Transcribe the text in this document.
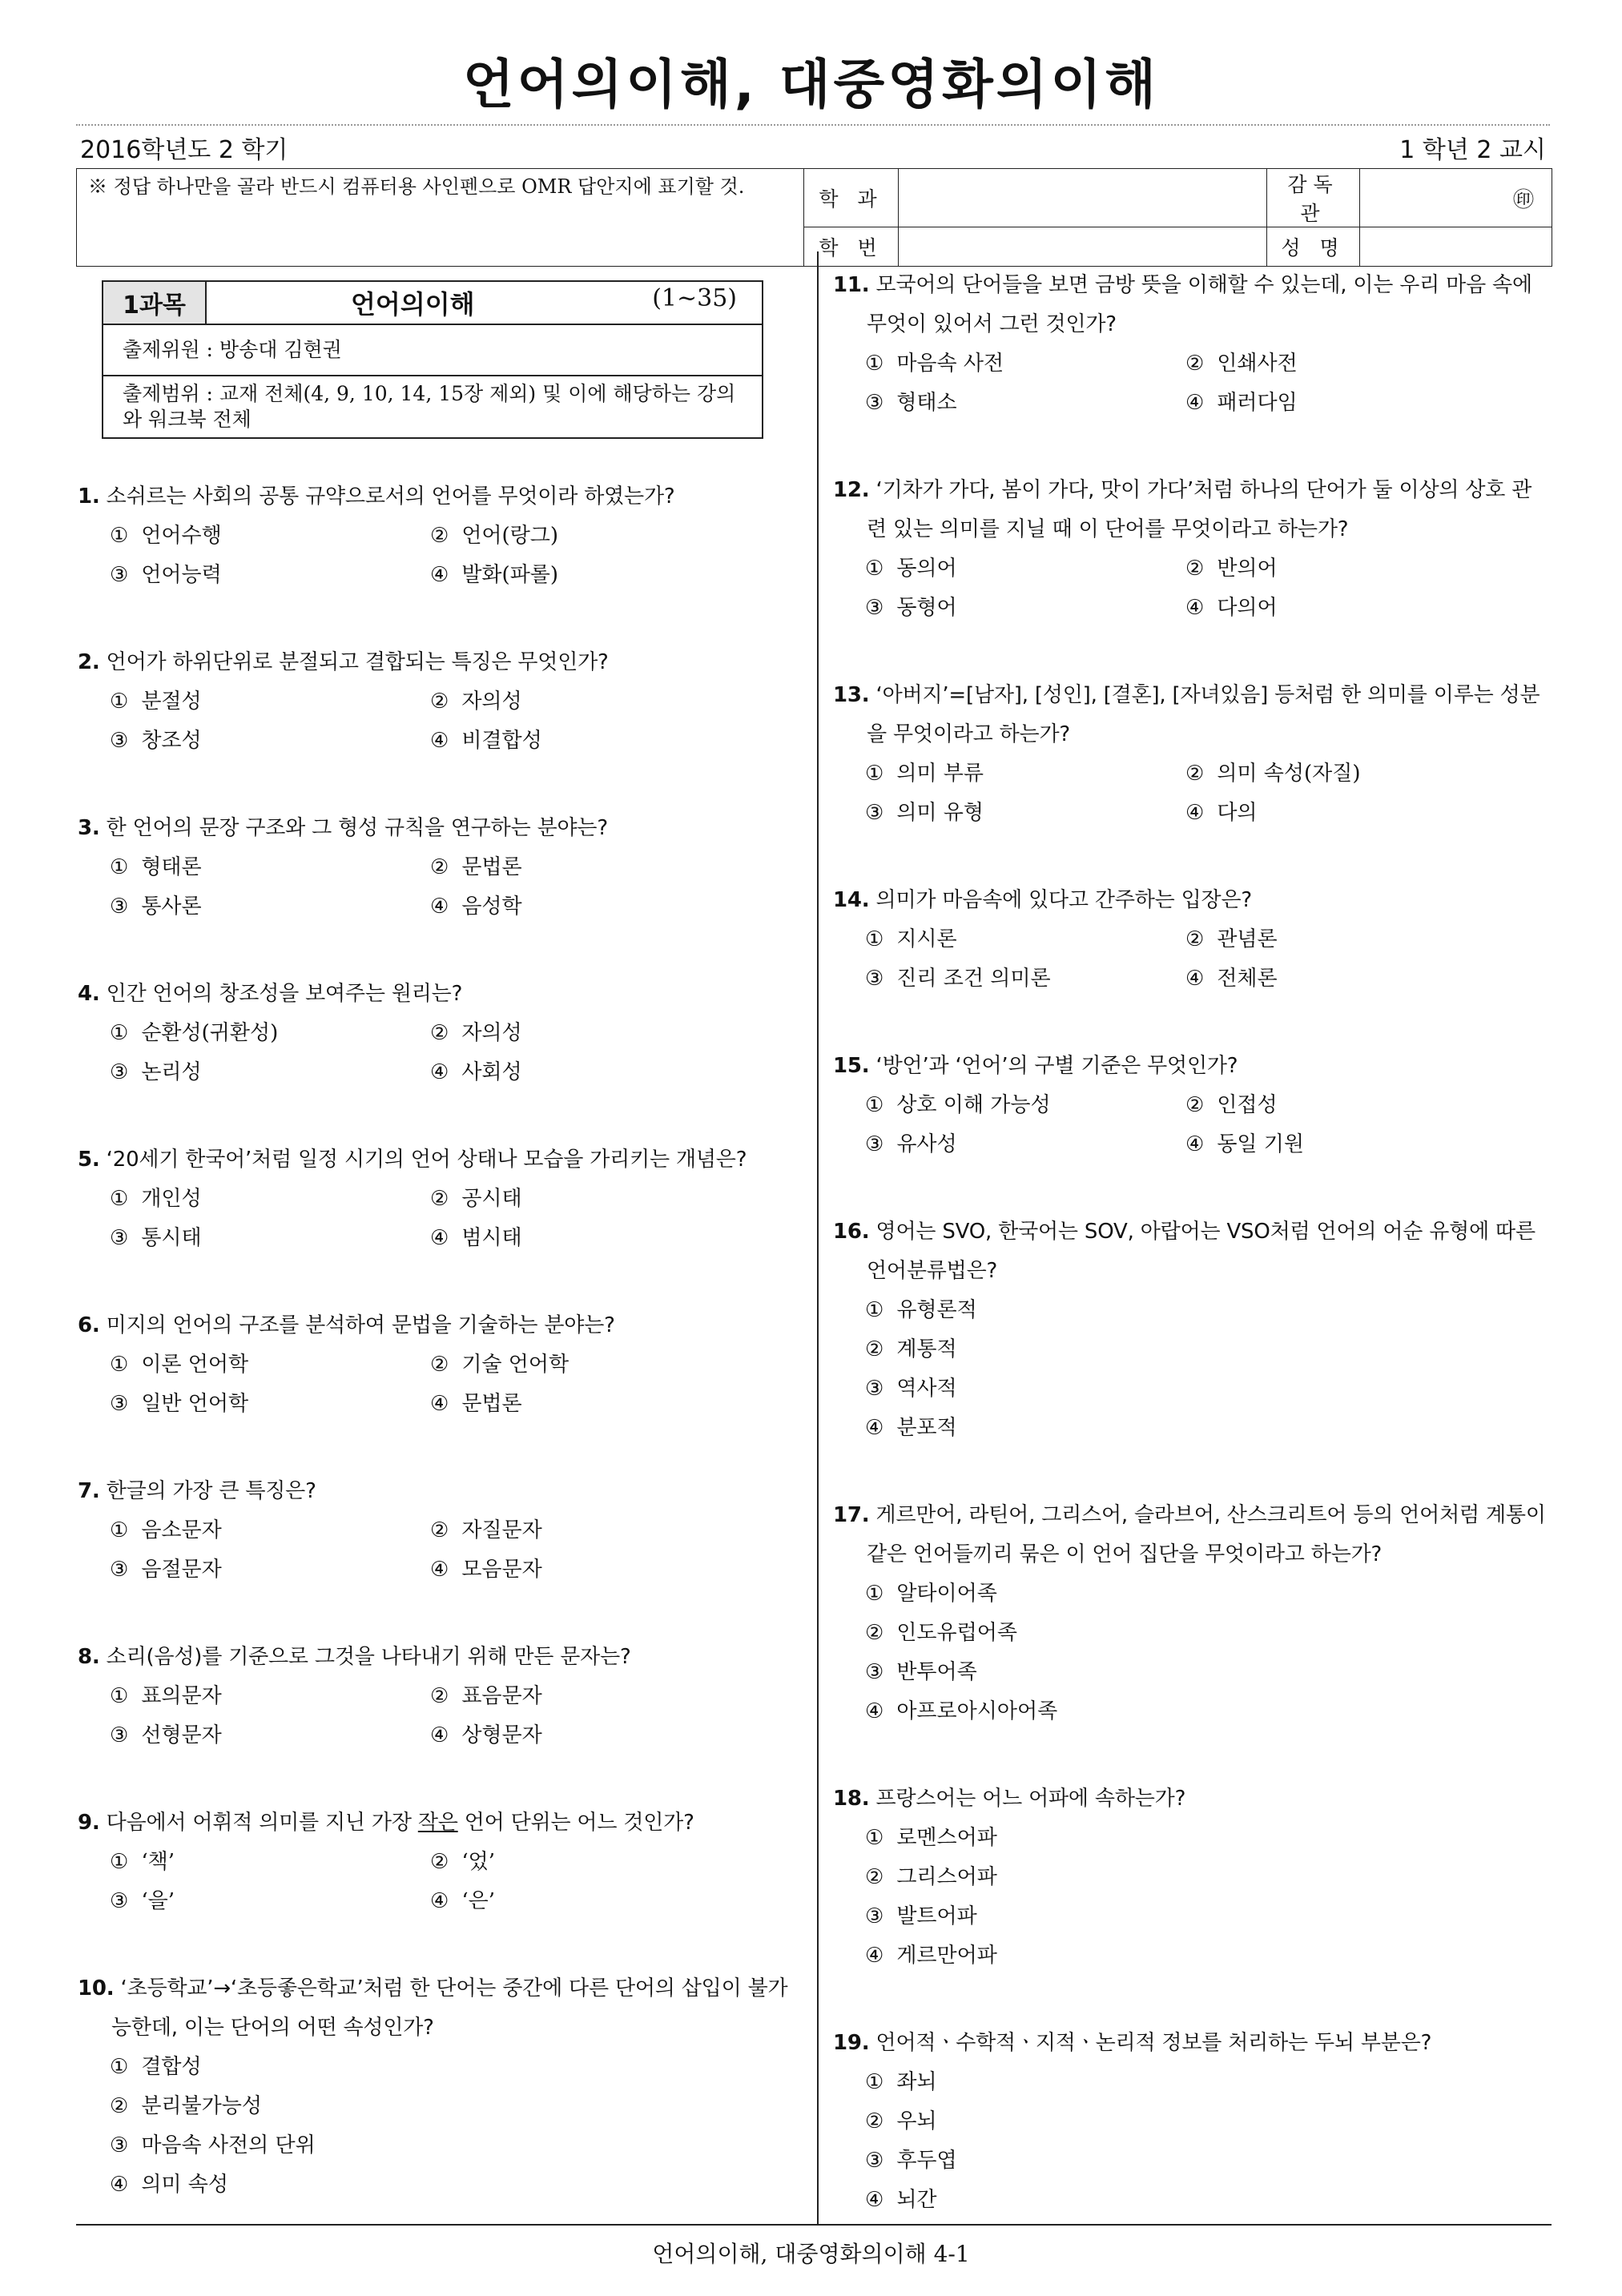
언어의이해, 대중영화의이해
2016학년도 2 학기	1 학년 2 교시
※ 정답 하나만을 골라 반드시 컴퓨터용 사인펜으로 OMR 답안지에 표기할 것.	학 과		감독관	㊞
	학 번		성 명	
1과목	언어의이해	(1~35)

출제위원 : 방송대 김현권
출제범위 : 교재 전체(4, 9, 10, 14, 15장 제외) 및 이에 해당하는 강의와 워크북 전체
1. 소쉬르는 사회의 공통 규약으로서의 언어를 무엇이라 하였는가?
① 언어수행	② 언어(랑그)
③ 언어능력	④ 발화(파롤)
2. 언어가 하위단위로 분절되고 결합되는 특징은 무엇인가?
① 분절성	② 자의성
③ 창조성	④ 비결합성
3. 한 언어의 문장 구조와 그 형성 규칙을 연구하는 분야는?
① 형태론	② 문법론
③ 통사론	④ 음성학
4. 인간 언어의 창조성을 보여주는 원리는?
① 순환성(귀환성)	② 자의성
③ 논리성	④ 사회성
5. ‘20세기 한국어’처럼 일정 시기의 언어 상태나 모습을 가리키는 개념은?
① 개인성	② 공시태
③ 통시태	④ 범시태
6. 미지의 언어의 구조를 분석하여 문법을 기술하는 분야는?
① 이론 언어학	② 기술 언어학
③ 일반 언어학	④ 문법론
7. 한글의 가장 큰 특징은?
① 음소문자	② 자질문자
③ 음절문자	④ 모음문자
8. 소리(음성)를 기준으로 그것을 나타내기 위해 만든 문자는?
① 표의문자	② 표음문자
③ 선형문자	④ 상형문자
9. 다음에서 어휘적 의미를 지닌 가장 작은 언어 단위는 어느 것인가?
① ‘책’	② ‘었’
③ ‘을’	④ ‘은’
10. ‘초등학교’→‘초등좋은학교’처럼 한 단어는 중간에 다른 단어의 삽입이 불가능한데, 이는 단어의 어떤 속성인가?
① 결합성
② 분리불가능성
③ 마음속 사전의 단위
④ 의미 속성
11. 모국어의 단어들을 보면 금방 뜻을 이해할 수 있는데, 이는 우리 마음 속에 무엇이 있어서 그런 것인가?
① 마음속 사전	② 인쇄사전
③ 형태소	④ 패러다임
12. ‘기차가 가다, 봄이 가다, 맛이 가다’처럼 하나의 단어가 둘 이상의 상호 관련 있는 의미를 지닐 때 이 단어를 무엇이라고 하는가?
① 동의어	② 반의어
③ 동형어	④ 다의어
13. ‘아버지’=[남자], [성인], [결혼], [자녀있음] 등처럼 한 의미를 이루는 성분을 무엇이라고 하는가?
① 의미 부류	② 의미 속성(자질)
③ 의미 유형	④ 다의
14. 의미가 마음속에 있다고 간주하는 입장은?
① 지시론	② 관념론
③ 진리 조건 의미론	④ 전체론
15. ‘방언’과 ‘언어’의 구별 기준은 무엇인가?
① 상호 이해 가능성	② 인접성
③ 유사성	④ 동일 기원
16. 영어는 SVO, 한국어는 SOV, 아랍어는 VSO처럼 언어의 어순 유형에 따른 언어분류법은?
① 유형론적
② 계통적
③ 역사적
④ 분포적
17. 게르만어, 라틴어, 그리스어, 슬라브어, 산스크리트어 등의 언어처럼 계통이 같은 언어들끼리 묶은 이 언어 집단을 무엇이라고 하는가?
① 알타이어족
② 인도유럽어족
③ 반투어족
④ 아프로아시아어족
18. 프랑스어는 어느 어파에 속하는가?
① 로멘스어파
② 그리스어파
③ 발트어파
④ 게르만어파
19. 언어적ㆍ수학적ㆍ지적ㆍ논리적 정보를 처리하는 두뇌 부분은?
① 좌뇌
② 우뇌
③ 후두엽
④ 뇌간
언어의이해, 대중영화의이해 4-1
